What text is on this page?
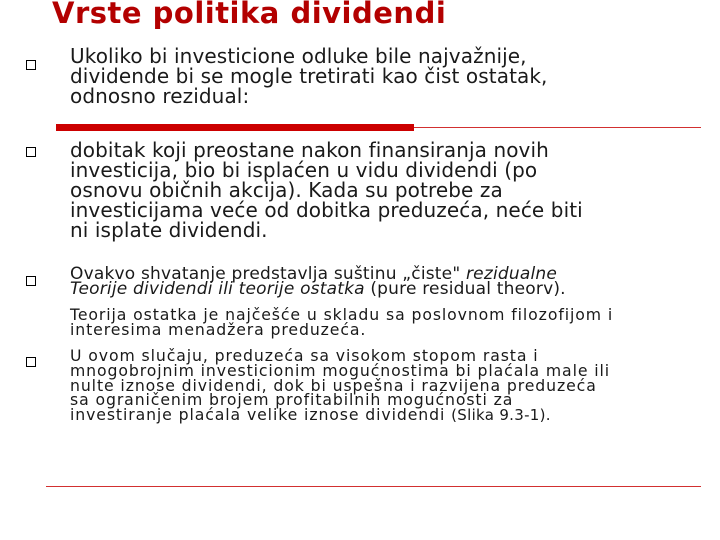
Vrste politika dividendi
Ukoliko bi investicione odluke bile najvažnije,
dividende bi se mogle tretirati kao čist ostatak,
odnosno rezidual:
dobitak koji preostane nakon finansiranja novih
investicija, bio bi isplaćen u vidu dividendi (po
osnovu običnih akcija). Kada su potrebe za
investicijama veće od dobitka preduzeća, neće biti
ni isplate dividendi.
Ovakvo shvatanje predstavlja suštinu „čiste" rezidualne
Teorije dividendi ili teorije ostatka (pure residual theorv).
Teorija ostatka je najčešće u skladu sa poslovnom filozofijom i
interesima menadžera preduzeća.
U ovom slučaju, preduzeća sa visokom stopom rasta i
mnogobrojnim investicionim mogućnostima bi plaćala male ili
nulte iznose dividendi, dok bi uspešna i razvijena preduzeća
sa ograničenim brojem profitabilnih mogućnosti za
investiranje plaćala velike iznose dividendi (Slika 9.3-1).
